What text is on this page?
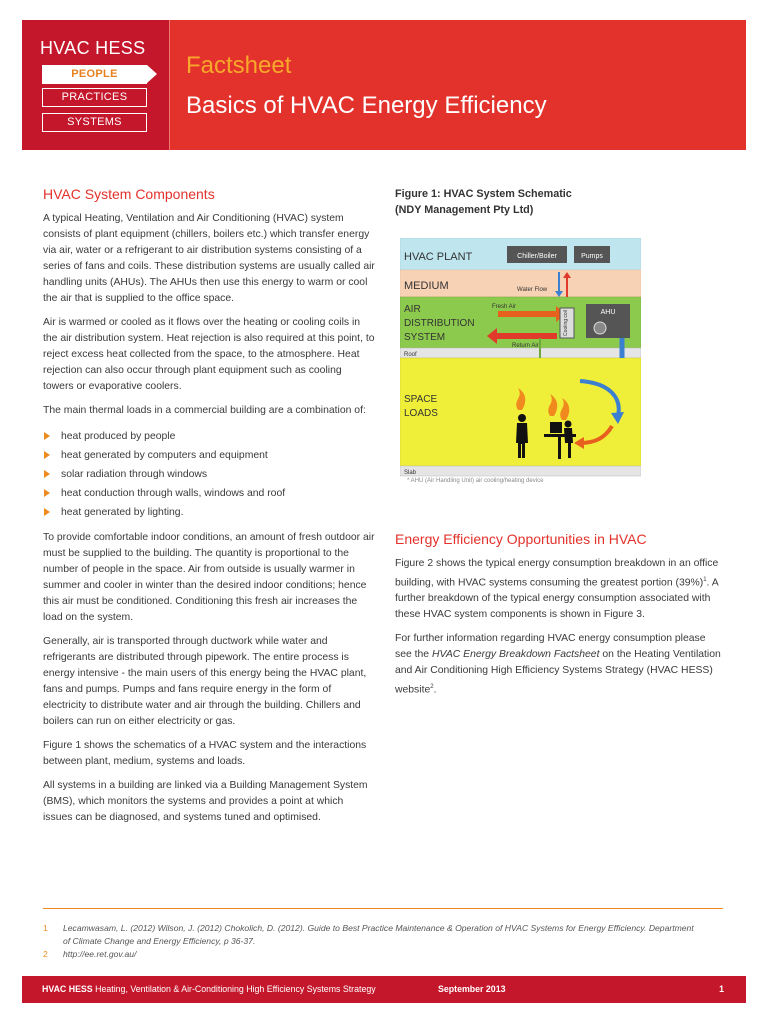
HVAC HESS
PEOPLE
PRACTICES
SYSTEMS
Factsheet
Basics of HVAC Energy Efficiency
HVAC System Components

A typical Heating, Ventilation and Air Conditioning (HVAC) system consists of plant equipment (chillers, boilers etc.) which transfer energy via air, water or a refrigerant to air distribution systems consisting of a series of fans and coils. These distribution systems are usually called air handling units (AHUs). The AHUs then use this energy to warm or cool the air that is supplied to the office space.

Air is warmed or cooled as it flows over the heating or cooling coils in the air distribution system. Heat rejection is also required at this point, to reject excess heat collected from the space, to the atmosphere. Heat rejection can also occur through plant equipment such as cooling towers or evaporative coolers.

The main thermal loads in a commercial building are a combination of:

heat produced by people
heat generated by computers and equipment
solar radiation through windows
heat conduction through walls, windows and roof
heat generated by lighting.

To provide comfortable indoor conditions, an amount of fresh outdoor air must be supplied to the building. The quantity is proportional to the number of people in the space. Air from outside is usually warmer in summer and cooler in winter than the desired indoor conditions; hence this air must be conditioned. Conditioning this fresh air increases the load on the system.

Generally, air is transported through ductwork while water and refrigerants are distributed through pipework. The entire process is energy intensive - the main users of this energy being the HVAC plant, fans and pumps. Pumps and fans require energy in the form of electricity to distribute water and air through the building. Chillers and boilers can run on either electricity or gas.

Figure 1 shows the schematics of a HVAC system and the interactions between plant, medium, systems and loads.

All systems in a building are linked via a Building Management System (BMS), which monitors the systems and provides a point at which issues can be diagnosed, and systems tuned and optimised.

Figure 1: HVAC System Schematic
(NDY Management Pty Ltd)
HVAC PLANT	Chiller/Boiler	Pumps
MEDIUM	Water Flow
AIR
DISTRIBUTION
SYSTEM
Fresh Air
Return Air
AHU
Cooling coil
Roof
SPACE
LOADS
Slab
* AHU (Air Handling Unit) air cooling/heating device
Energy Efficiency Opportunities in HVAC

Figure 2 shows the typical energy consumption breakdown in an office building, with HVAC systems consuming the greatest portion $(39\%)^1$. A further breakdown of the typical energy consumption associated with these HVAC system components is shown in Figure 3.

For further information regarding HVAC energy consumption please see the HVAC Energy Breakdown Factsheet on the Heating Ventilation and Air Conditioning High Efficiency Systems Strategy (HVAC HESS) website$^2$.

1	Lecamwasam, L. (2012) Wilson, J. (2012) Chokolich, D. (2012). Guide to Best Practice Maintenance & Operation of HVAC Systems for Energy Efficiency. Department of Climate Change and Energy Efficiency, p 36-37.
2	http://ee.ret.gov.au/
HVAC HESS Heating, Ventilation & Air-Conditioning High Efficiency Systems Strategy	September 2013	1
